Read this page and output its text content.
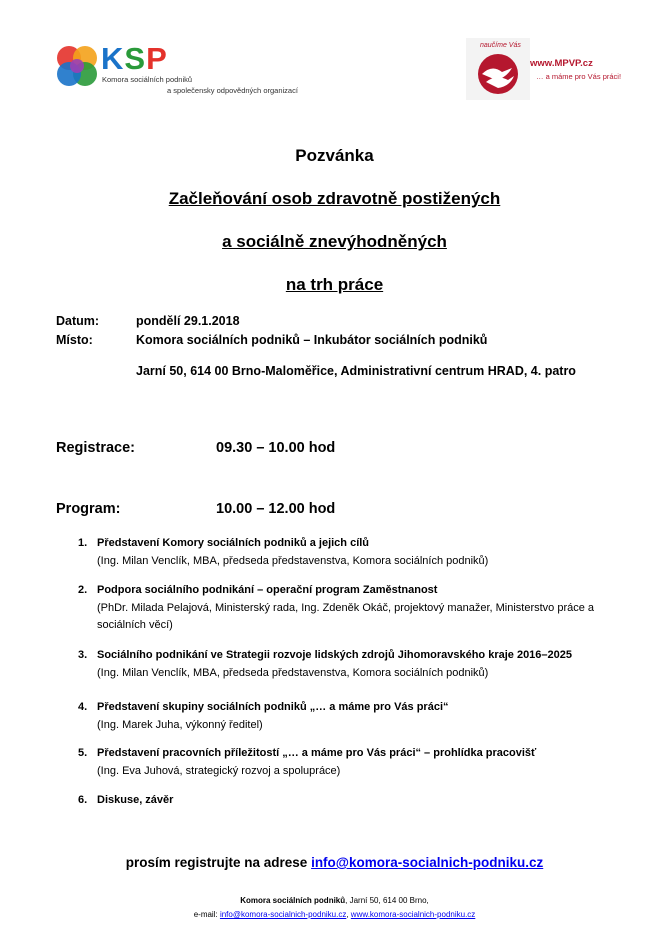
KSP
Komora sociálních podniků
a společensky odpovědných organizací
naučíme Vás
www.MPVP.cz
… a máme pro Vás práci!
Pozvánka
Začleňování osob zdravotně postižených
a sociálně znevýhodněných
na trh práce
Datum:	pondělí 29.1.2018
Místo:	Komora sociálních podniků – Inkubátor sociálních podniků
Jarní 50, 614 00 Brno-Maloměřice, Administrativní centrum HRAD, 4. patro
Registrace:	09.30 – 10.00 hod
Program:	10.00 – 12.00 hod
1. Představení Komory sociálních podniků a jejich cílů
(Ing. Milan Venclík, MBA, předseda představenstva, Komora sociálních podniků)
2. Podpora sociálního podnikání – operační program Zaměstnanost
(PhDr. Milada Pelajová, Ministerský rada, Ing. Zdeněk Okáč, projektový manažer, Ministerstvo práce a sociálních věcí)
3. Sociálního podnikání ve Strategii rozvoje lidských zdrojů Jihomoravského kraje 2016–2025
(Ing. Milan Venclík, MBA, předseda představenstva, Komora sociálních podniků)
4. Představení skupiny sociálních podniků „… a máme pro Vás práci“
(Ing. Marek Juha, výkonný ředitel)
5. Představení pracovních příležitostí „… a máme pro Vás práci“ – prohlídka pracovišť
(Ing. Eva Juhová, strategický rozvoj a spolupráce)
6. Diskuse, závěr
prosím registrujte na adrese info@komora-socialnich-podniku.cz
Komora sociálních podniků, Jarní 50, 614 00 Brno,
e-mail: info@komora-socialnich-podniku.cz, www.komora-socialnich-podniku.cz
